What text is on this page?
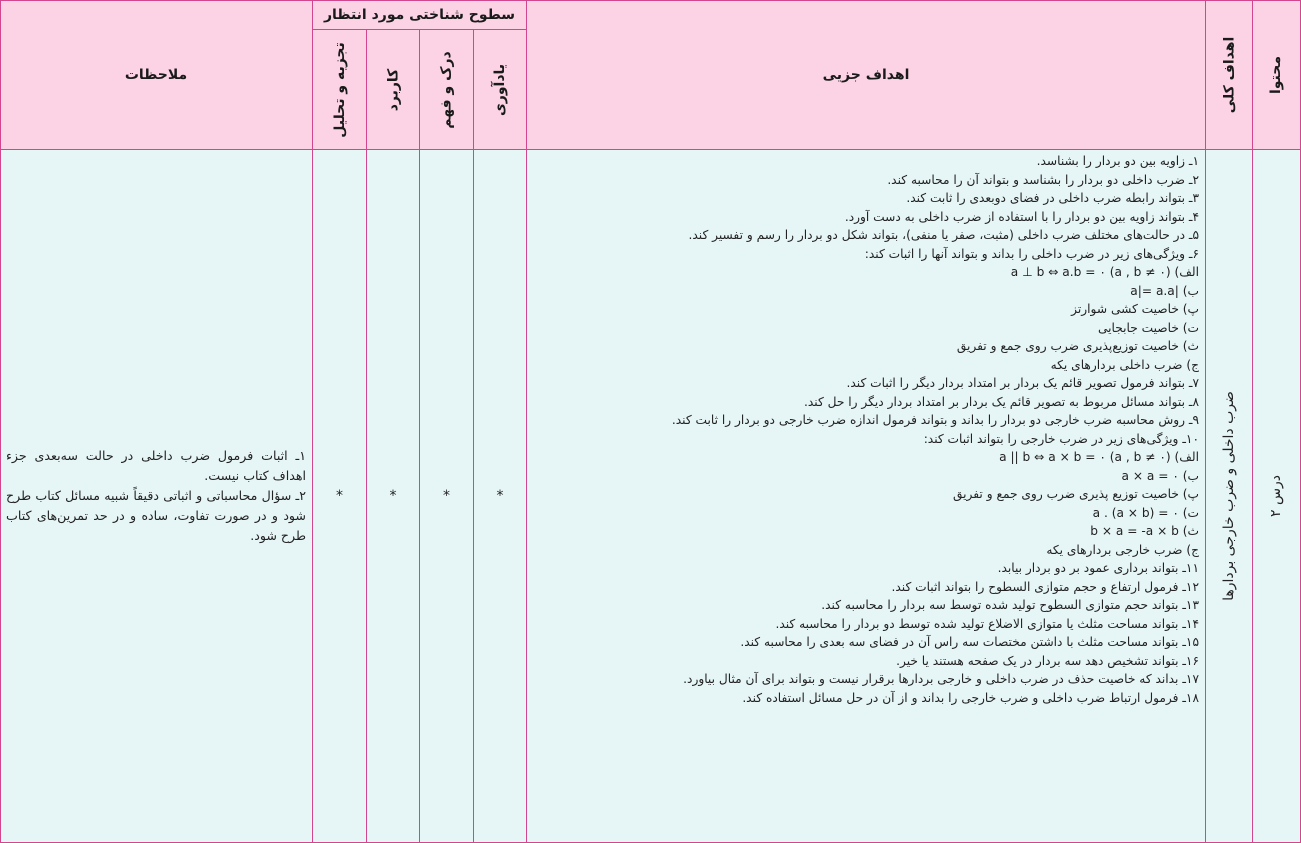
محتوا
اهداف کلی
اهداف جزیی
سطوح شناختی مورد انتظار
یادآوری
درک و فهم
کاربرد
تجزیه و تحلیل
ملاحظات
درس ۲
ضرب داخلی و ضرب خارجی بردارها
۱ـ زاویه بین دو بردار را بشناسد.
۲ـ ضرب داخلی دو بردار را بشناسد و بتواند آن را محاسبه کند.
۳ـ بتواند رابطه ضرب داخلی در فضای دوبعدی را ثابت کند.
۴ـ بتواند زاویه بین دو بردار را با استفاده از ضرب داخلی به دست آورد.
۵ـ در حالت‌های مختلف ضرب داخلی (مثبت، صفر یا منفی)، بتواند شکل دو بردار را رسم و تفسیر کند.
۶ـ ویژگی‌های زیر در ضرب داخلی را بداند و بتواند آنها را اثبات کند:
الف) (a , b ≠ ۰) a ⊥ b ⇔ a.b = ۰
ب) |a|= a.a
پ) خاصیت کشی شوارتز
ت) خاصیت جابجایی
ث) خاصیت توزیع‌پذیری ضرب روی جمع و تفریق
ج) ضرب داخلی بردارهای یکه
۷ـ بتواند فرمول تصویر قائم یک بردار بر امتداد بردار دیگر را اثبات کند.
۸ـ بتواند مسائل مربوط به تصویر قائم یک بردار بر امتداد بردار دیگر را حل کند.
۹ـ روش محاسبه ضرب خارجی دو بردار را بداند و بتواند فرمول اندازه ضرب خارجی دو بردار را ثابت کند.
۱۰ـ ویژگی‌های زیر در ضرب خارجی را بتواند اثبات کند:
الف) (a , b ≠ ۰) a || b ⇔ a × b = ۰
ب) a × a = ۰
پ) خاصیت توزیع پذیری ضرب روی جمع و تفریق
ت) a . (a × b) = ۰
ث) b × a = -a × b
ج) ضرب خارجی بردارهای یکه
۱۱ـ بتواند برداری عمود بر دو بردار بیابد.
۱۲ـ فرمول ارتفاع و حجم متوازی السطوح را بتواند اثبات کند.
۱۳ـ بتواند حجم متوازی السطوح تولید شده توسط سه بردار را محاسبه کند.
۱۴ـ بتواند مساحت مثلث یا متوازی الاضلاع تولید شده توسط دو بردار را محاسبه کند.
۱۵ـ بتواند مساحت مثلث با داشتن مختصات سه راس آن در فضای سه بعدی را محاسبه کند.
۱۶ـ بتواند تشخیص دهد سه بردار در یک صفحه هستند یا خیر.
۱۷ـ بداند که خاصیت حذف در ضرب داخلی و خارجی بردارها برقرار نیست و بتواند برای آن مثال بیاورد.
۱۸ـ فرمول ارتباط ضرب داخلی و ضرب خارجی را بداند و از آن در حل مسائل استفاده کند.
*
*
*
*
۱ـ اثبات فرمول ضرب داخلی در حالت سه‌بعدی جزء اهداف کتاب نیست.
۲ـ سؤال محاسباتی و اثباتی دقیقاً شبیه مسائل کتاب طرح شود و در صورت تفاوت، ساده و در حد تمرین‌های کتاب طرح شود.
